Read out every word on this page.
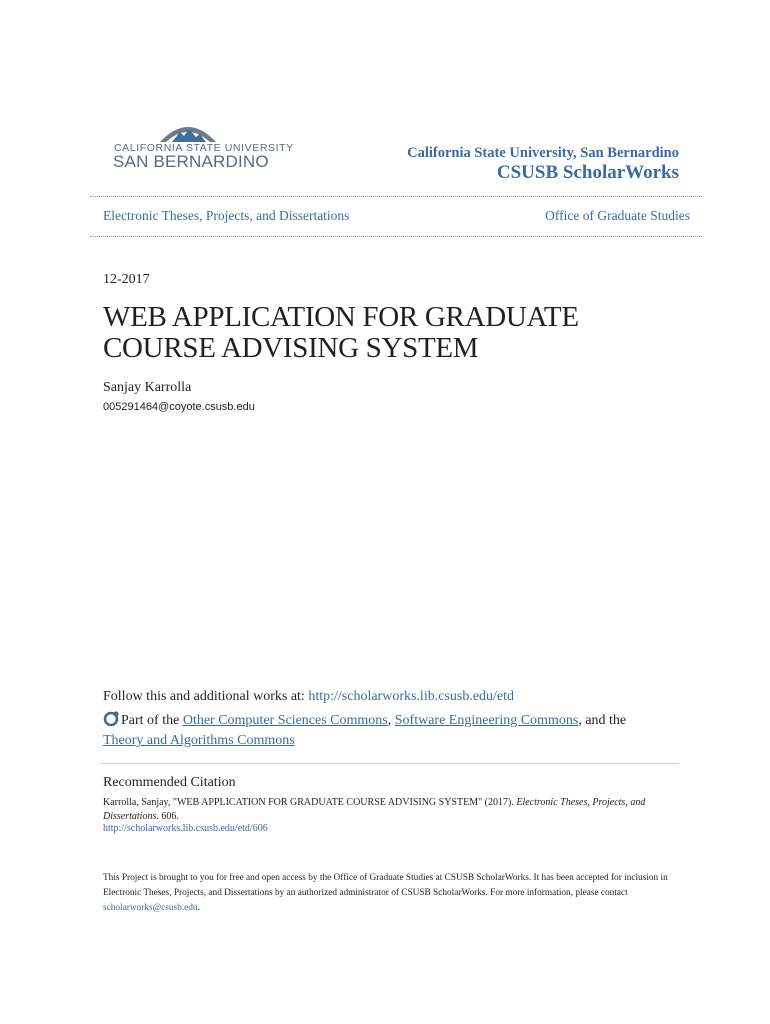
CALIFORNIA STATE UNIVERSITY
SAN BERNARDINO	California State University, San Bernardino
CSUSB ScholarWorks
Electronic Theses, Projects, and Dissertations	Office of Graduate Studies
12-2017
WEB APPLICATION FOR GRADUATE COURSE ADVISING SYSTEM
Sanjay Karrolla
005291464@coyote.csusb.edu
Follow this and additional works at: http://scholarworks.lib.csusb.edu/etd
Part of the Other Computer Sciences Commons, Software Engineering Commons, and the
Theory and Algorithms Commons
Recommended Citation
Karrolla, Sanjay, "WEB APPLICATION FOR GRADUATE COURSE ADVISING SYSTEM" (2017). Electronic Theses, Projects, and Dissertations. 606.
http://scholarworks.lib.csusb.edu/etd/606
This Project is brought to you for free and open access by the Office of Graduate Studies at CSUSB ScholarWorks. It has been accepted for inclusion in Electronic Theses, Projects, and Dissertations by an authorized administrator of CSUSB ScholarWorks. For more information, please contact scholarworks@csusb.edu.
